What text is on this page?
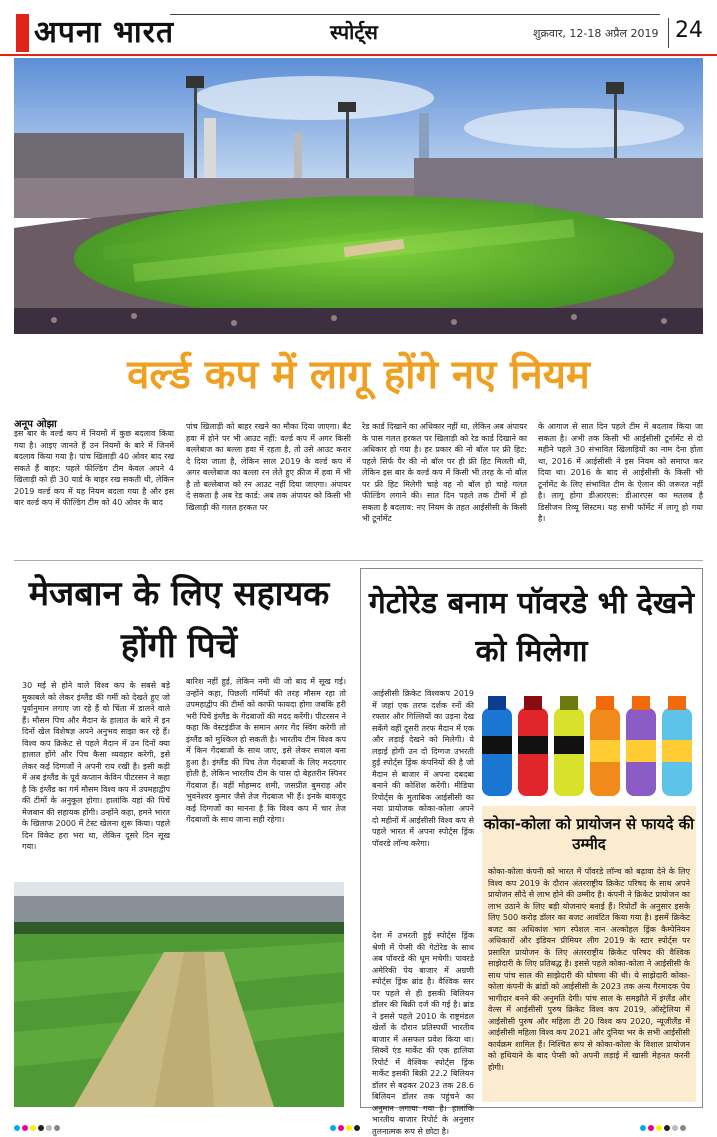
अपना भारत	स्पोर्ट्स	शुक्रवार, 12-18 अप्रैल 2019 24
वर्ल्ड कप में लागू होंगे नए नियम
अनूप ओझा
इस बार के वर्ल्ड कप में नियमों में कुछ बदलाव किया गया है। आइए जानते हैं उन नियमों के बारे में जिनमें बदलाव किया गया है। पांच खिलाड़ी 40 ओवर बाद रख सकते हैं बाहर: पहले फील्डिंग टीम केवल अपने 4 खिलाड़ी को ही 30 यार्ड के बाहर रख सकती थी, लेकिन 2019 वर्ल्ड कप में यह नियम बदला गया है और इस बार वर्ल्ड कप में फील्डिंग टीम को 40 ओवर के बाद
पांच खिलाड़ी को बाहर रखने का मौका दिया जाएगा। बैट हवा में होने पर भी आउट नहीं: वर्ल्ड कप में अगर किसी बल्लेबाज का बल्ला हवा में रहता है, तो उसे आउट करार दे दिया जाता है, लेकिन साल 2019 के वर्ल्ड कप में अगर बल्लेबाज का बल्ला रन लेते हुए क्रीज में हवा में भी है तो बल्लेबाज को रन आउट नहीं दिया जाएगा। अंपायर दे सकता है अब रेड कार्ड: अब तक अंपायर को किसी भी खिलाड़ी की गलत हरकत पर
रेड कार्ड दिखाने का अधिकार नहीं था, लेकिन अब अंपायर के पास गलत हरकत पर खिलाड़ी को रेड कार्ड दिखाने का अधिकार हो गया है। हर प्रकार की नो बॉल पर फ्री हिट: पहले सिर्फ पैर की नो बॉल पर ही फ्री हिट मिलती थी, लेकिन इस बार के वर्ल्ड कप में किसी भी तरह के नो बॉल पर फ्री हिट मिलेगी चाहे वह नो बॉल हो चाहे गलत फील्डिंग लगाने की। सात दिन पहले तक टीमों में हो सकता है बदलाव: नए नियम के तहत आईसीसी के किसी भी टूर्नामेंट
के आगाज से सात दिन पहले टीम में बदलाव किया जा सकता है। अभी तक किसी भी आईसीसी टूर्नामेंट से दो महीने पहले 30 संभावित खिलाड़ियों का नाम देना होता था, 2016 में आईसीसी ने इस नियम को समाप्त कर दिया था। 2016 के बाद से आईसीसी के किसी भी टूर्नामेंट के लिए संभावित टीम के ऐलान की जरूरत नहीं है। लागू होगा डीआरएस: डीआरएस का मतलब है डिसीजन रिव्यू सिस्टम। यह सभी फॉर्मेट में लागू हो गया है।
मेजबान के लिए सहायक होंगी पिचें
30 मई से होने वाले विश्व कप के सबसे बड़े मुकाबले को लेकर इंग्लैंड की गर्मी को देखते हुए जो पूर्वानुमान लगाए जा रहे हैं वो चिंता में डालने वाले हैं। मौसम पिच और मैदान के हालात के बारे में इन दिनों खेल विशेषज्ञ अपने अनुभव साझा कर रहे हैं। विश्व कप क्रिकेट से पहले मैदान में उन दिनों क्या हालात होंगे और पिच कैसा व्यवहार करेगी, इसे लेकर कई दिग्गजों ने अपनी राय रखी है। इसी कड़ी में अब इंग्लैंड के पूर्व कप्तान केविन पीटरसन ने कहा है कि इंग्लैंड का गर्म मौसम विश्व कप में उपमहाद्वीप की टीमों के अनुकूल होगा। हालांकि यहां की पिचें मेजबान की सहायक होंगी। उन्होंने कहा, हमने भारत के खिलाफ 2000 में टेस्ट खेलना शुरू किया। पहले दिन विकेट हरा भरा था, लेकिन दूसरे दिन सूख गया।
बारिश नहीं हुई, लेकिन नमी थी जो बाद में सूख गई। उन्होंने कहा, पिछली गर्मियों की तरह मौसम रहा तो उपमहाद्वीप की टीमों को काफी फायदा होगा जबकि हरी भरी पिचें इंग्लैंड के गेंदबाजों की मदद करेंगी। पीटरसन ने कहा कि वेस्टइंडीज के समान अगर गेंद स्विंग करेगी तो इंग्लैंड को मुश्किल हो सकती है। भारतीय टीम विश्व कप में किन गेंदबाजों के साथ जाए, इसे लेकर सवाल बना हुआ है। इंग्लैंड की पिच तेज गेंदबाजों के लिए मददगार होती है, लेकिन भारतीय टीम के पास दो बेहतरीन स्पिनर गेंदबाज हैं। वहीं मोहम्मद शमी, जसप्रीत बुमराह और भुवनेश्वर कुमार जैसे तेज गेंदबाज भी हैं। इनके बावजूद कई दिग्गजों का मानना है कि विश्व कप में चार तेज गेंदबाजों के साथ जाना सही रहेगा।
गेटोरेड बनाम पॉवरडे भी देखने को मिलेगा
आईसीसी क्रिकेट विश्वकप 2019 में जहां एक तरफ दर्शक रनों की रफ्तार और गिल्लियों का उड़ना देख सकेंगे वहीं दूसरी तरफ मैदान में एक और लड़ाई देखने को मिलेगी। ये लड़ाई होगी उन दो दिग्गज उभरती हुई स्पोर्ट्स ड्रिंक कंपनियों की है जो मैदान से बाजार में अपना दबदबा बनाने की कोशिश करेंगी। मीडिया रिपोर्ट्स के मुताबिक आईसीसी का नया प्रायोजक कोका-कोला अपने दो महीनों में आईसीसी विश्व कप से पहले भारत में अपना स्पोर्ट्स ड्रिंक पॉवरडे लॉन्च करेगा।
देश में उभरती हुई स्पोर्ट्स ड्रिंक श्रेणी में पेप्सी की गेटोरेड के साथ अब पॉवरडे की धूम मचेगी। पावरडे अमेरिकी पेय बाजार में अग्रणी स्पोर्ट्स ड्रिंक ब्रांड है। वैश्विक स्तर पर पहले से ही इसकी बिलियन डॉलर की बिक्री दर्ज की गई है। ब्रांड ने इससे पहले 2010 के राष्ट्रमंडल खेलों के दौरान प्रतिस्पर्धी भारतीय बाजार में असफल प्रवेश किया था। सिक्वें एंड मार्केट की एक हालिया रिपोर्ट में वैश्विक स्पोर्ट्स ड्रिंक मार्केट इसकी बिक्री 22.2 बिलियन डॉलर से बढ़कर 2023 तक 28.6 बिलियन डॉलर तक पहुंचने का अनुमान लगाया गया है। हालांकि भारतीय बाजार रिपोर्ट के अनुसार तुलनात्मक रूप से छोटा है।
कोका-कोला को प्रायोजन से फायदे की उम्मीद
कोका-कोला कंपनी को भारत में पॉवरडे लॉन्च को बढ़ावा देने के लिए विश्व कप 2019 के दौरान अंतरराष्ट्रीय क्रिकेट परिषद के साथ अपने प्रायोजन सौदे से लाभ होने की उम्मीद है। कंपनी ने क्रिकेट प्रायोजन का लाभ उठाने के लिए बड़ी योजनाएं बनाई हैं। रिपोर्टों के अनुसार इसके लिए 500 करोड़ डॉलर का बजट आवंटित किया गया है। इसमें क्रिकेट बजट का अधिकांश भाग स्पेशल नान अल्कोहल ड्रिंक कैम्पेनियन अधिकारों और इंडियन प्रीमियर लीग 2019 के स्टार स्पोर्ट्स पर प्रसारित प्रायोजन के लिए अंतरराष्ट्रीय क्रिकेट परिषद की वैश्विक साझेदारी के लिए प्रतिबद्ध है। इससे पहले कोका-कोला ने आईसीसी के साथ पांच साल की साझेदारी की घोषणा की थी। ये साझेदारी कोका-कोला कंपनी के ब्रांडों को आईसीसी के 2023 तक अन्य गैरमादक पेय भागीदार बनने की अनुमति देगी। पांच साल के समझौते में इंग्लैंड और वेल्स में आईसीसी पुरुष क्रिकेट विश्व कप 2019, ऑस्ट्रेलिया में आईसीसी पुरुष और महिला टी 20 विश्व कप 2020, न्यूजीलैंड में आईसीसी महिला विश्व कप 2021 और दुनिया भर के सभी आईसीसी कार्यक्रम शामिल हैं। निश्चित रूप से कोका-कोला के विशाल प्रायोजन को हथियाने के बाद पेप्सी को अपनी लड़ाई में खासी मेहनत करनी होगी।
